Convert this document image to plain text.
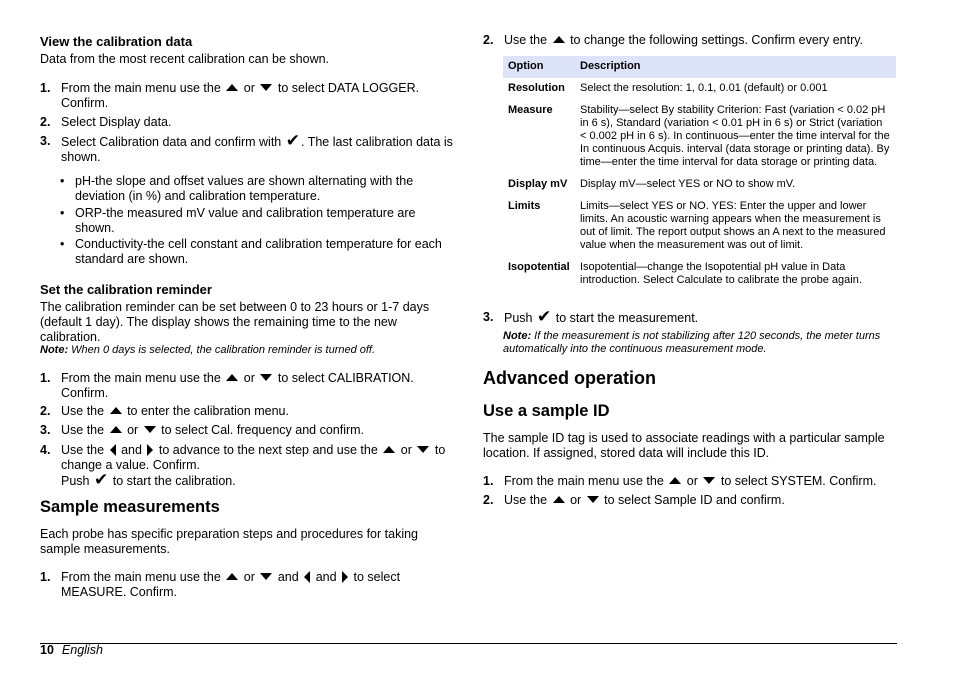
View the calibration data
Data from the most recent calibration can be shown.
1. From the main menu use the or to select DATA LOGGER. Confirm.
2. Select Display data.
3. Select Calibration data and confirm with ✔. The last calibration data is shown.
• pH-the slope and offset values are shown alternating with the deviation (in %) and calibration temperature.
• ORP-the measured mV value and calibration temperature are shown.
• Conductivity-the cell constant and calibration temperature for each standard are shown.
Set the calibration reminder
The calibration reminder can be set between 0 to 23 hours or 1-7 days (default 1 day). The display shows the remaining time to the new calibration.
Note: When 0 days is selected, the calibration reminder is turned off.
1. From the main menu use the or to select CALIBRATION. Confirm.
2. Use the to enter the calibration menu.
3. Use the or to select Cal. frequency and confirm.
4. Use the and to advance to the next step and use the or to change a value. Confirm.
Push ✔ to start the calibration.
Sample measurements
Each probe has specific preparation steps and procedures for taking sample measurements.
1. From the main menu use the or and and to select MEASURE. Confirm.
2. Use the to change the following settings. Confirm every entry.
Option	Description
Resolution	Select the resolution: 1, 0.1, 0.01 (default) or 0.001
Measure	Stability—select By stability Criterion: Fast (variation < 0.02 pH in 6 s), Standard (variation < 0.01 pH in 6 s) or Strict (variation < 0.002 pH in 6 s). In continuous—enter the time interval for the In continuous Acquis. interval (data storage or printing data). By time—enter the time interval for data storage or printing data.
Display mV	Display mV—select YES or NO to show mV.
Limits	Limits—select YES or NO. YES: Enter the upper and lower limits. An acoustic warning appears when the measurement is out of limit. The report output shows an A next to the measured value when the measurement was out of limit.
Isopotential	Isopotential—change the Isopotential pH value in Data introduction. Select Calculate to calibrate the probe again.
3. Push ✔ to start the measurement.
Note: If the measurement is not stabilizing after 120 seconds, the meter turns automatically into the continuous measurement mode.
Advanced operation
Use a sample ID
The sample ID tag is used to associate readings with a particular sample location. If assigned, stored data will include this ID.
1. From the main menu use the or to select SYSTEM. Confirm.
2. Use the or to select Sample ID and confirm.
10 English
